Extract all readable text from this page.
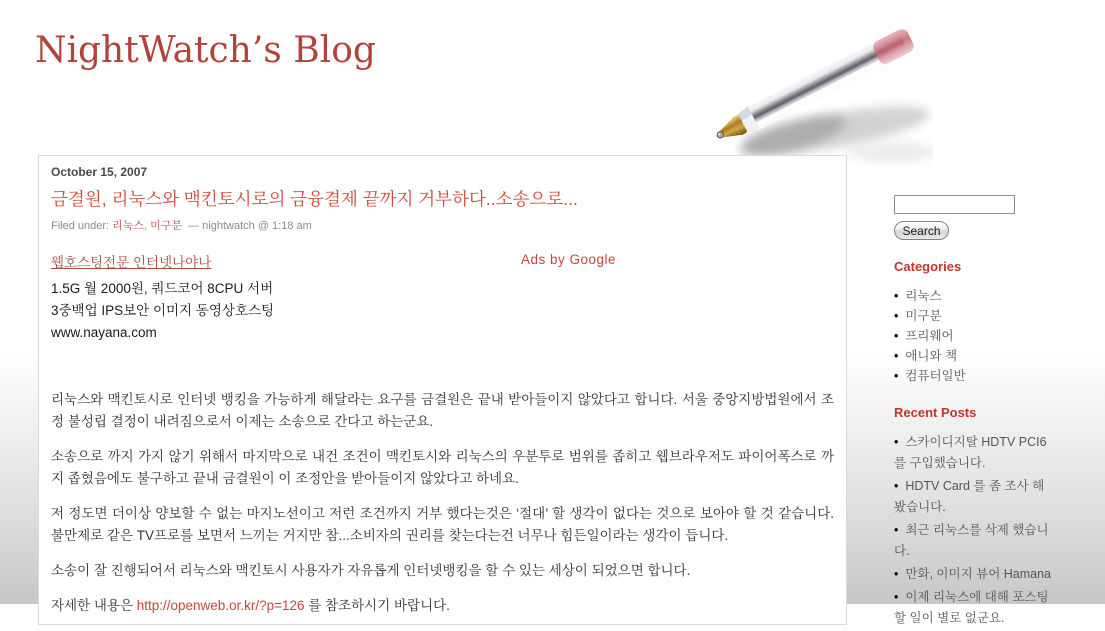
NightWatch’s Blog
October 15, 2007
금결원, 리눅스와 맥킨토시로의 금융결제 끝까지 거부하다..소송으로...
Filed under: 리눅스, 미구분 — nightwatch @ 1:18 am
웹호스팅전문 인터넷나야나	Ads by Google
1.5G 월 2000원, 쿼드코어 8CPU 서버
3중백업 IPS보안 이미지 동영상호스팅
www.nayana.com

리눅스와 맥킨토시로 인터넷 뱅킹을 가능하게 해달라는 요구를 금결원은 끝내 받아들이지 않았다고 합니다. 서울 중앙지방법원에서 조정 불성립 결정이 내려짐으로서 이제는 소송으로 간다고 하는군요.

소송으로 까지 가지 않기 위해서 마지막으로 내건 조건이 맥킨토시와 리눅스의 우분투로 범위를 좁히고 웹브라우저도 파이어폭스로 까지 좁혔음에도 불구하고 끝내 금결원이 이 조정안을 받아들이지 않았다고 하네요.

저 정도면 더이상 양보할 수 없는 마지노선이고 저런 조건까지 거부 했다는것은 ‘절대’ 할 생각이 없다는 것으로 보아야 할 것 같습니다. 불만제로 같은 TV프로를 보면서 느끼는 거지만 참...소비자의 권리를 찾는다는건 너무나 힘든일이라는 생각이 듭니다.

소송이 잘 진행되어서 리눅스와 맥킨토시 사용자가 자유롭게 인터넷뱅킹을 할 수 있는 세상이 되었으면 합니다.

자세한 내용은 http://openweb.or.kr/?p=126 를 참조하시기 바랍니다.

Search
Categories
•  리눅스
•  미구분
•  프리웨어
•  애니와 책
•  컴퓨터일반
Recent Posts
•  스카이디지탈 HDTV PCI6 를 구입했습니다.
•  HDTV Card 를 좀 조사 해 봤습니다.
•  최근 리눅스를 삭제 했습니다.
•  만화, 이미지 뷰어 Hamana
•  이제 리눅스에 대해 포스팅 할 일이 별로 없군요.
